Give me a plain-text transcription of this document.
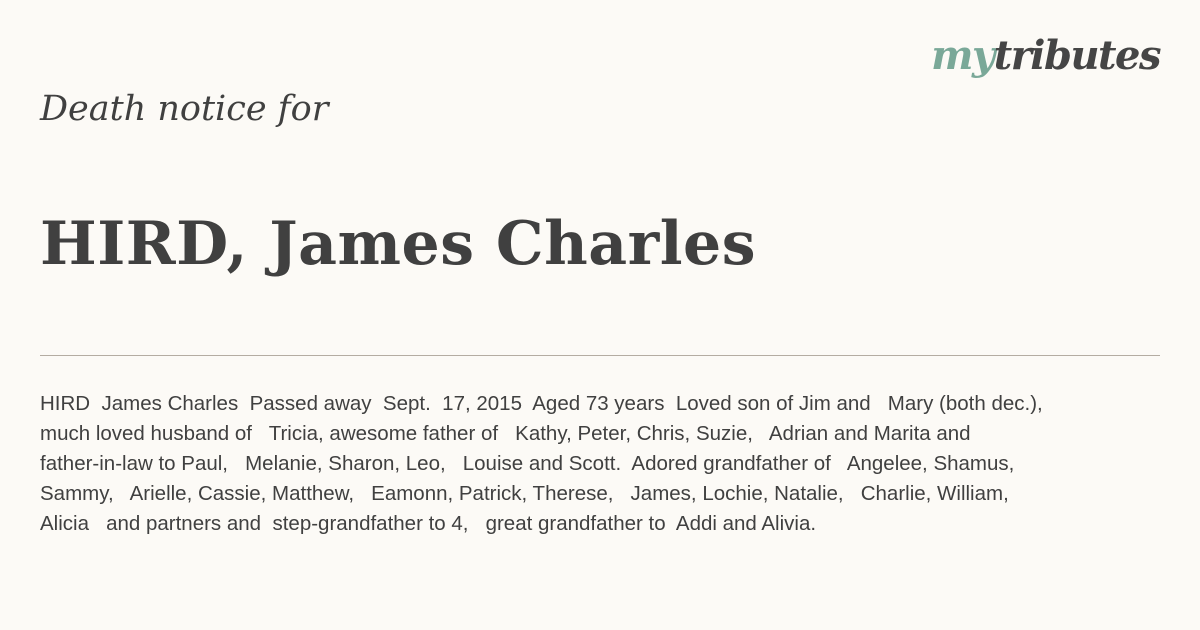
mytributes
Death notice for
HIRD, James Charles

HIRD  James Charles  Passed away  Sept.  17, 2015  Aged 73 years  Loved son of Jim and   Mary (both dec.),
much loved husband of   Tricia, awesome father of   Kathy, Peter, Chris, Suzie,   Adrian and Marita and
father-in-law to Paul,   Melanie, Sharon, Leo,   Louise and Scott.  Adored grandfather of   Angelee, Shamus,
Sammy,   Arielle, Cassie, Matthew,   Eamonn, Patrick, Therese,   James, Lochie, Natalie,   Charlie, William,
Alicia   and partners and  step-grandfather to 4,   great grandfather to  Addi and Alivia.
